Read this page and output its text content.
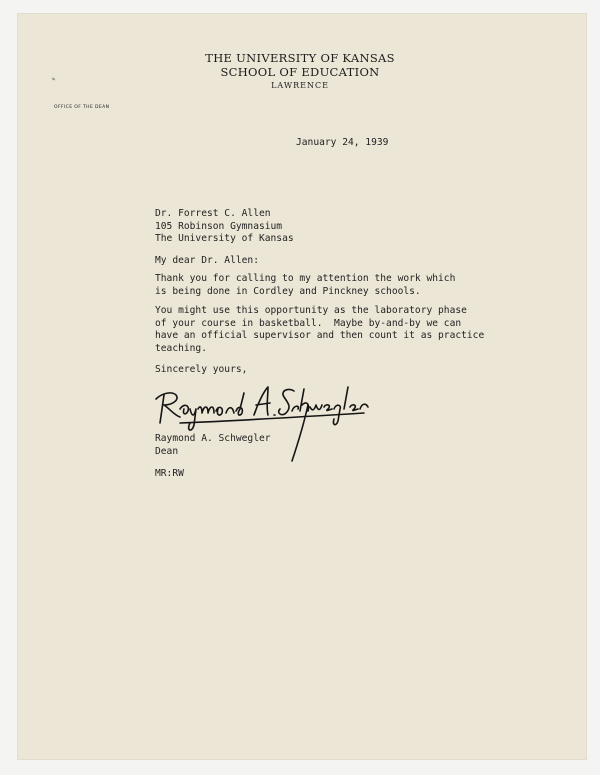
THE UNIVERSITY OF KANSAS
SCHOOL OF EDUCATION
LAWRENCE
OFFICE OF THE DEAN
January 24, 1939
Dr. Forrest C. Allen
105 Robinson Gymnasium
The University of Kansas
My dear Dr. Allen:
Thank you for calling to my attention the work which
is being done in Cordley and Pinckney schools.
You might use this opportunity as the laboratory phase
of your course in basketball.  Maybe by-and-by we can
have an official supervisor and then count it as practice
teaching.
Sincerely yours,
Raymond A. Schwegler
Dean
MR:RW
